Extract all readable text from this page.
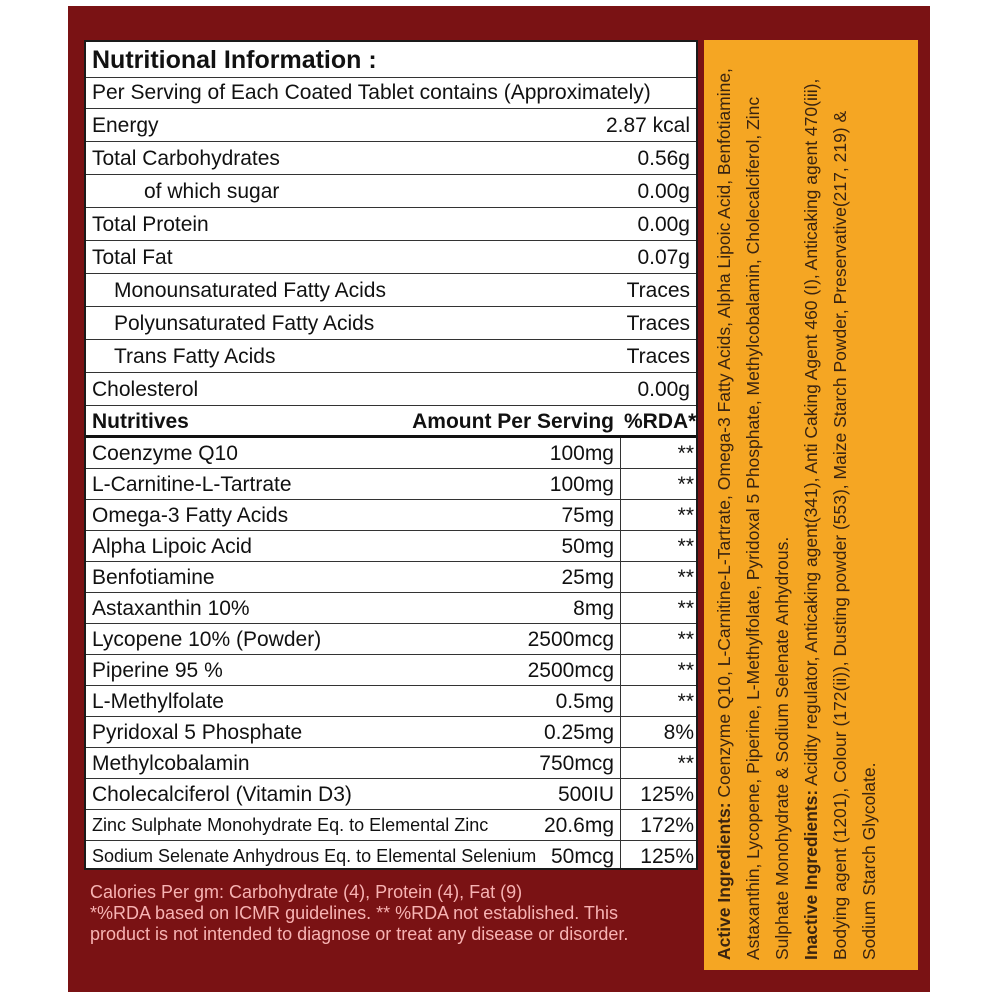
Nutritional Information :
Per Serving of Each Coated Tablet contains (Approximately)
Energy	2.87 kcal
Total Carbohydrates	0.56g
of which sugar	0.00g
Total Protein	0.00g
Total Fat	0.07g
Monounsaturated Fatty Acids	Traces
Polyunsaturated Fatty Acids	Traces
Trans Fatty Acids	Traces
Cholesterol	0.00g
Nutritives	Amount Per Serving %RDA*
Coenzyme Q10	100mg	**
L-Carnitine-L-Tartrate	100mg	**
Omega-3 Fatty Acids	75mg	**
Alpha Lipoic Acid	50mg	**
Benfotiamine	25mg	**
Astaxanthin 10%	8mg	**
Lycopene 10% (Powder)	2500mcg	**
Piperine 95 %	2500mcg	**
L-Methylfolate	0.5mg	**
Pyridoxal 5 Phosphate	0.25mg	8%
Methylcobalamin	750mcg	**
Cholecalciferol (Vitamin D3)	500IU	125%
Zinc Sulphate Monohydrate Eq. to Elemental Zinc	20.6mg	172%
Sodium Selenate Anhydrous Eq. to Elemental Selenium 50mcg	125%
Calories Per gm: Carbohydrate (4), Protein (4), Fat (9)
*%RDA based on ICMR guidelines. ** %RDA not established. This
product is not intended to diagnose or treat any disease or disorder.	Active Ingredients: Coenzyme Q10, L-Carnitine-L-Tartrate, Omega-3 Fatty Acids, Alpha Lipoic Acid, Benfotiamine, Astaxanthin, Lycopene, Piperine, L-Methylfolate, Pyridoxal 5 Phosphate, Methylcobalamin, Cholecalciferol, Zinc Sulphate Monohydrate & Sodium Selenate Anhydrous. Inactive Ingredients: Acidity regulator, Anticaking agent(341), Anti Caking Agent 460 (I), Anticaking agent 470(iii), Bodying agent (1201), Colour (172(ii)), Dusting powder (553), Maize Starch Powder, Preservative(217, 219) & Sodium Starch Glycolate.
